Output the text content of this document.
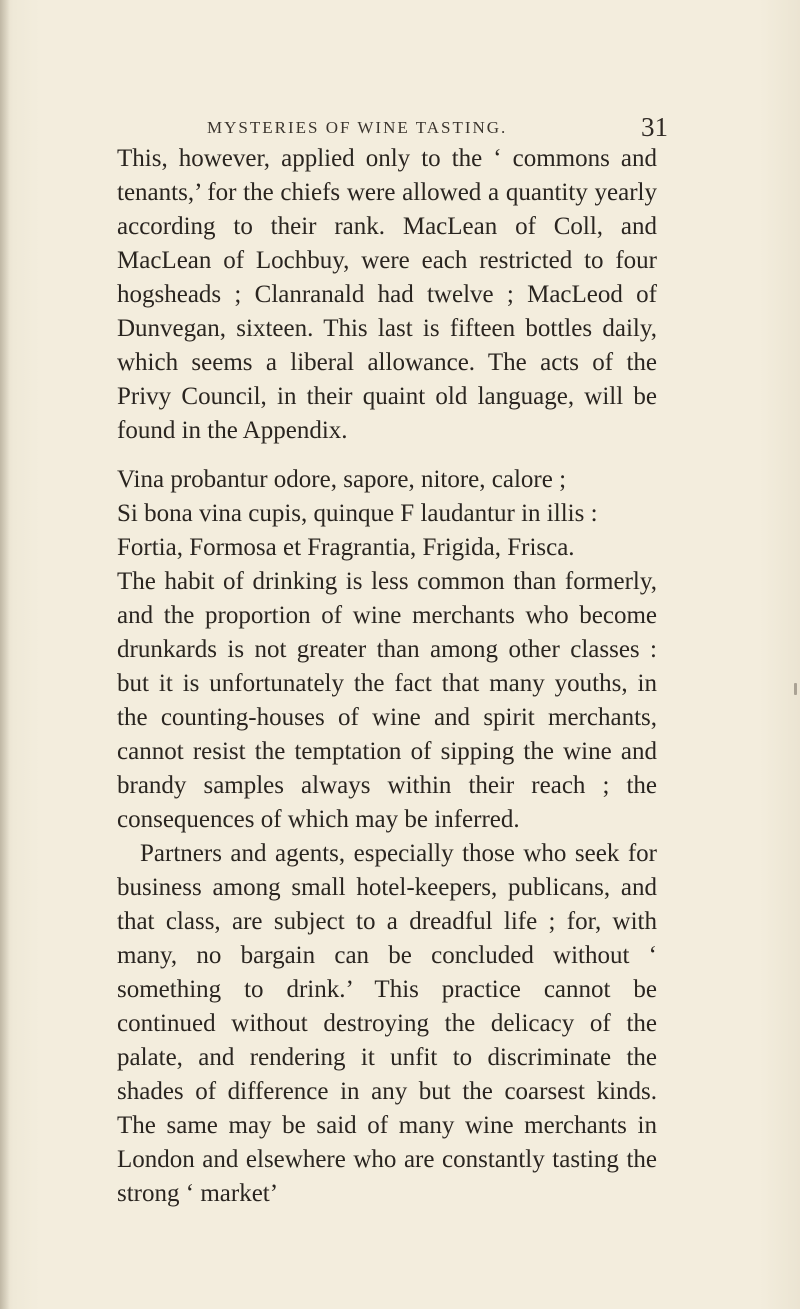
MYSTERIES OF WINE TASTING.	31

This, however, applied only to the ‘ commons and tenants,’ for the chiefs were allowed a quantity yearly according to their rank. MacLean of Coll, and MacLean of Lochbuy, were each restricted to four hogsheads ; Clanranald had twelve ; MacLeod of Dunvegan, sixteen. This last is fifteen bottles daily, which seems a liberal allowance. The acts of the Privy Council, in their quaint old language, will be found in the Appendix.

Vina probantur odore, sapore, nitore, calore ;
Si bona vina cupis, quinque F laudantur in illis :
Fortia, Formosa et Fragrantia, Frigida, Frisca.

The habit of drinking is less common than formerly, and the proportion of wine merchants who become drunkards is not greater than among other classes : but it is unfortunately the fact that many youths, in the counting-houses of wine and spirit merchants, cannot resist the temptation of sipping the wine and brandy samples always within their reach ; the consequences of which may be inferred.

Partners and agents, especially those who seek for business among small hotel-keepers, publicans, and that class, are subject to a dreadful life ; for, with many, no bargain can be concluded without ‘ something to drink.’ This practice cannot be continued without destroying the delicacy of the palate, and rendering it unfit to discriminate the shades of difference in any but the coarsest kinds. The same may be said of many wine merchants in London and elsewhere who are constantly tasting the strong ‘ market’
